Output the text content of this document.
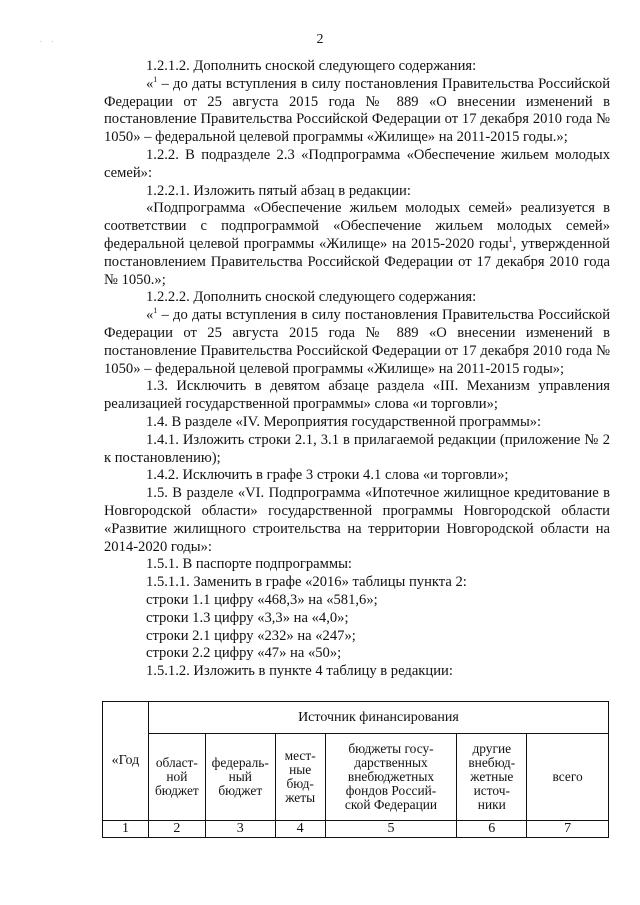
. .	2

1.2.1.2. Дополнить сноской следующего содержания:

«$^1$ – до даты вступления в силу постановления Правительства Российской Федерации от 25 августа 2015 года № 889 «О внесении изменений в постановление Правительства Российской Федерации от 17 декабря 2010 года № 1050» – федеральной целевой программы «Жилище» на 2011-2015 годы.»;

1.2.2. В подразделе 2.3 «Подпрограмма «Обеспечение жильем молодых семей»:

1.2.2.1. Изложить пятый абзац в редакции:

«Подпрограмма «Обеспечение жильем молодых семей» реализуется в соответствии с подпрограммой «Обеспечение жильем молодых семей» федеральной целевой программы «Жилище» на 2015-2020 годы$^1$, утвержденной постановлением Правительства Российской Федерации от 17 декабря 2010 года № 1050.»;

1.2.2.2. Дополнить сноской следующего содержания:

«$^1$ – до даты вступления в силу постановления Правительства Российской Федерации от 25 августа 2015 года № 889 «О внесении изменений в постановление Правительства Российской Федерации от 17 декабря 2010 года № 1050» – федеральной целевой программы «Жилище» на 2011-2015 годы»;

1.3. Исключить в девятом абзаце раздела «III. Механизм управления реализацией государственной программы» слова «и торговли»;

1.4. В разделе «IV. Мероприятия государственной программы»:

1.4.1. Изложить строки 2.1, 3.1 в прилагаемой редакции (приложение № 2 к постановлению);

1.4.2. Исключить в графе 3 строки 4.1 слова «и торговли»;

1.5. В разделе «VI. Подпрограмма «Ипотечное жилищное кредитование в Новгородской области» государственной программы Новгородской области «Развитие жилищного строительства на территории Новгородской области на 2014-2020 годы»:

1.5.1. В паспорте подпрограммы:

1.5.1.1. Заменить в графе «2016» таблицы пункта 2:

строки 1.1 цифру «468,3» на «581,6»;

строки 1.3 цифру «3,3» на «4,0»;

строки 2.1 цифру «232» на «247»;

строки 2.2 цифру «47» на «50»;

1.5.1.2. Изложить в пункте 4 таблицу в редакции:

«Год	Источник финансирования					
	област-
ной
бюджет	федераль-
ный
бюджет	мест-
ные
бюд-
жеты	бюджеты госу-
дарственных
внебюджетных
фондов Россий-
ской Федерации	другие
внебюд-
жетные
источ-
ники	всего
1	2	3	4	5	6	7
